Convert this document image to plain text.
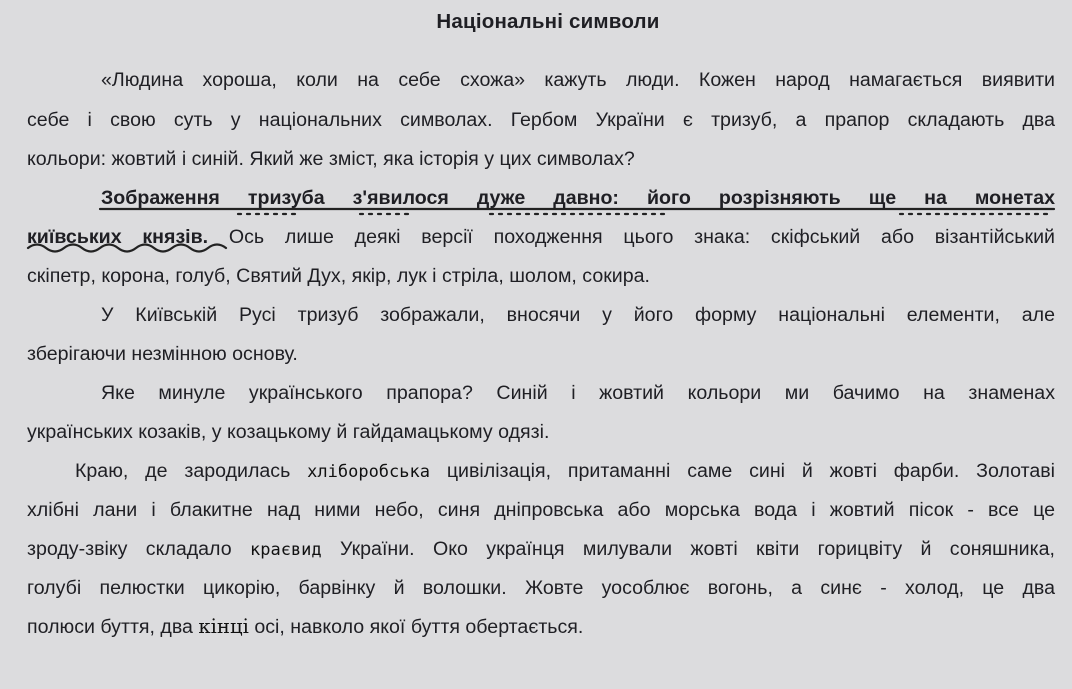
Національні символи
«Людина хороша, коли на себе схожа» кажуть люди. Кожен народ намагається виявити
себе і свою суть у національних символах. Гербом України є тризуб, а прапор складають два
кольори: жовтий і синій. Який же зміст, яка історія у цих символах?
Зображення тризуба з'явилося дуже давно: його розрізняють ще на монетах
київських князів. Ось лише деякі версії походження цього знака: скіфський або візантійський
скіпетр, корона, голуб, Святий Дух, якір, лук і стріла, шолом, сокира.
У Київській Русі тризуб зображали, вносячи у його форму національні елементи, але
зберігаючи незмінною основу.
Яке минуле українського прапора? Синій і жовтий кольори ми бачимо на знаменах
українських козаків, у козацькому й гайдамацькому одязі.
Краю, де зародилась хліборобська цивілізація, притаманні саме сині й жовті фарби. Золотаві
хлібні лани і блакитне над ними небо, синя дніпровська або морська вода і жовтий пісок - все це
зроду-звіку складало краєвид України. Око українця милували жовті квіти горицвіту й соняшника,
голубі пелюстки цикорію, барвінку й волошки. Жовте уособлює вогонь, а синє - холод, це два
полюси буття, два кінці осі, навколо якої буття обертається.
